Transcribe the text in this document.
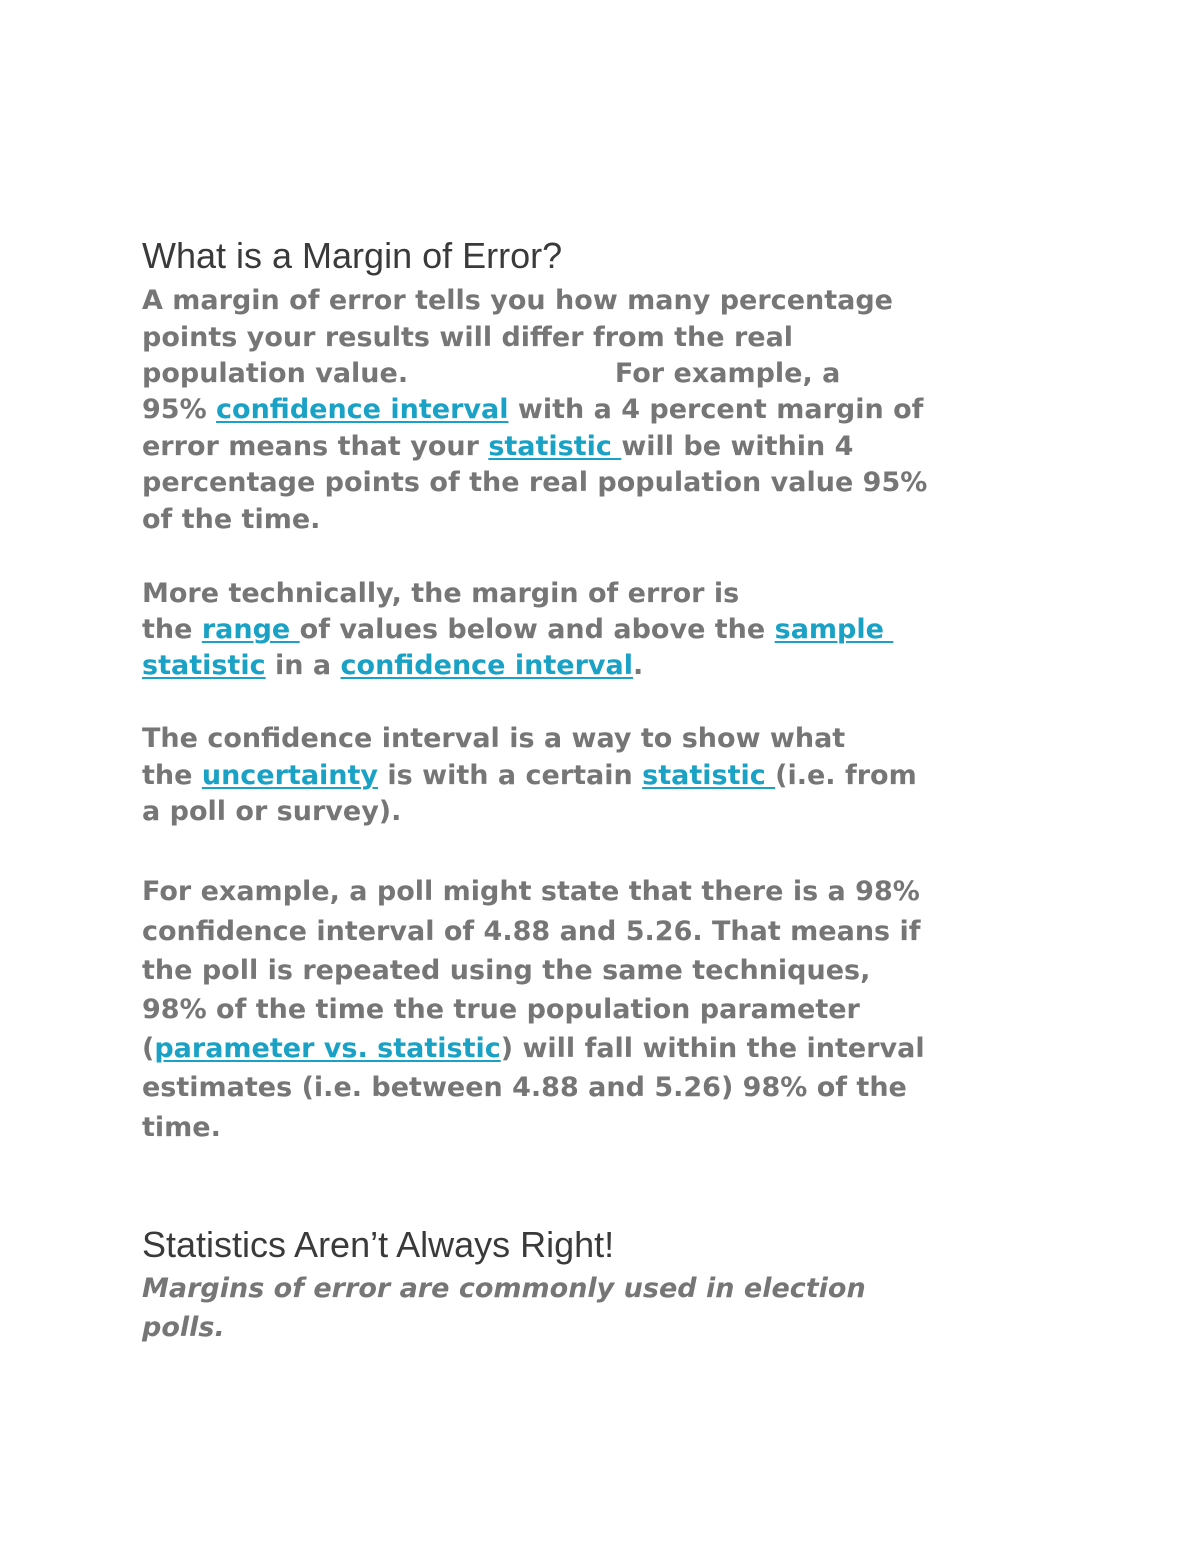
What is a Margin of Error?
A margin of error tells you how many percentage
points your results will differ from the real
population value.                      For example, a
95% confidence interval with a 4 percent margin of
error means that your statistic will be within 4
percentage points of the real population value 95%
of the time.
More technically, the margin of error is
the range of values below and above the sample
statistic in a confidence interval.
The confidence interval is a way to show what
the uncertainty is with a certain statistic (i.e. from
a poll or survey).
For example, a poll might state that there is a 98%
confidence interval of 4.88 and 5.26. That means if
the poll is repeated using the same techniques,
98% of the time the true population parameter
(parameter vs. statistic) will fall within the interval
estimates (i.e. between 4.88 and 5.26) 98% of the
time.
Statistics Aren’t Always Right!
Margins of error are commonly used in election
polls.
